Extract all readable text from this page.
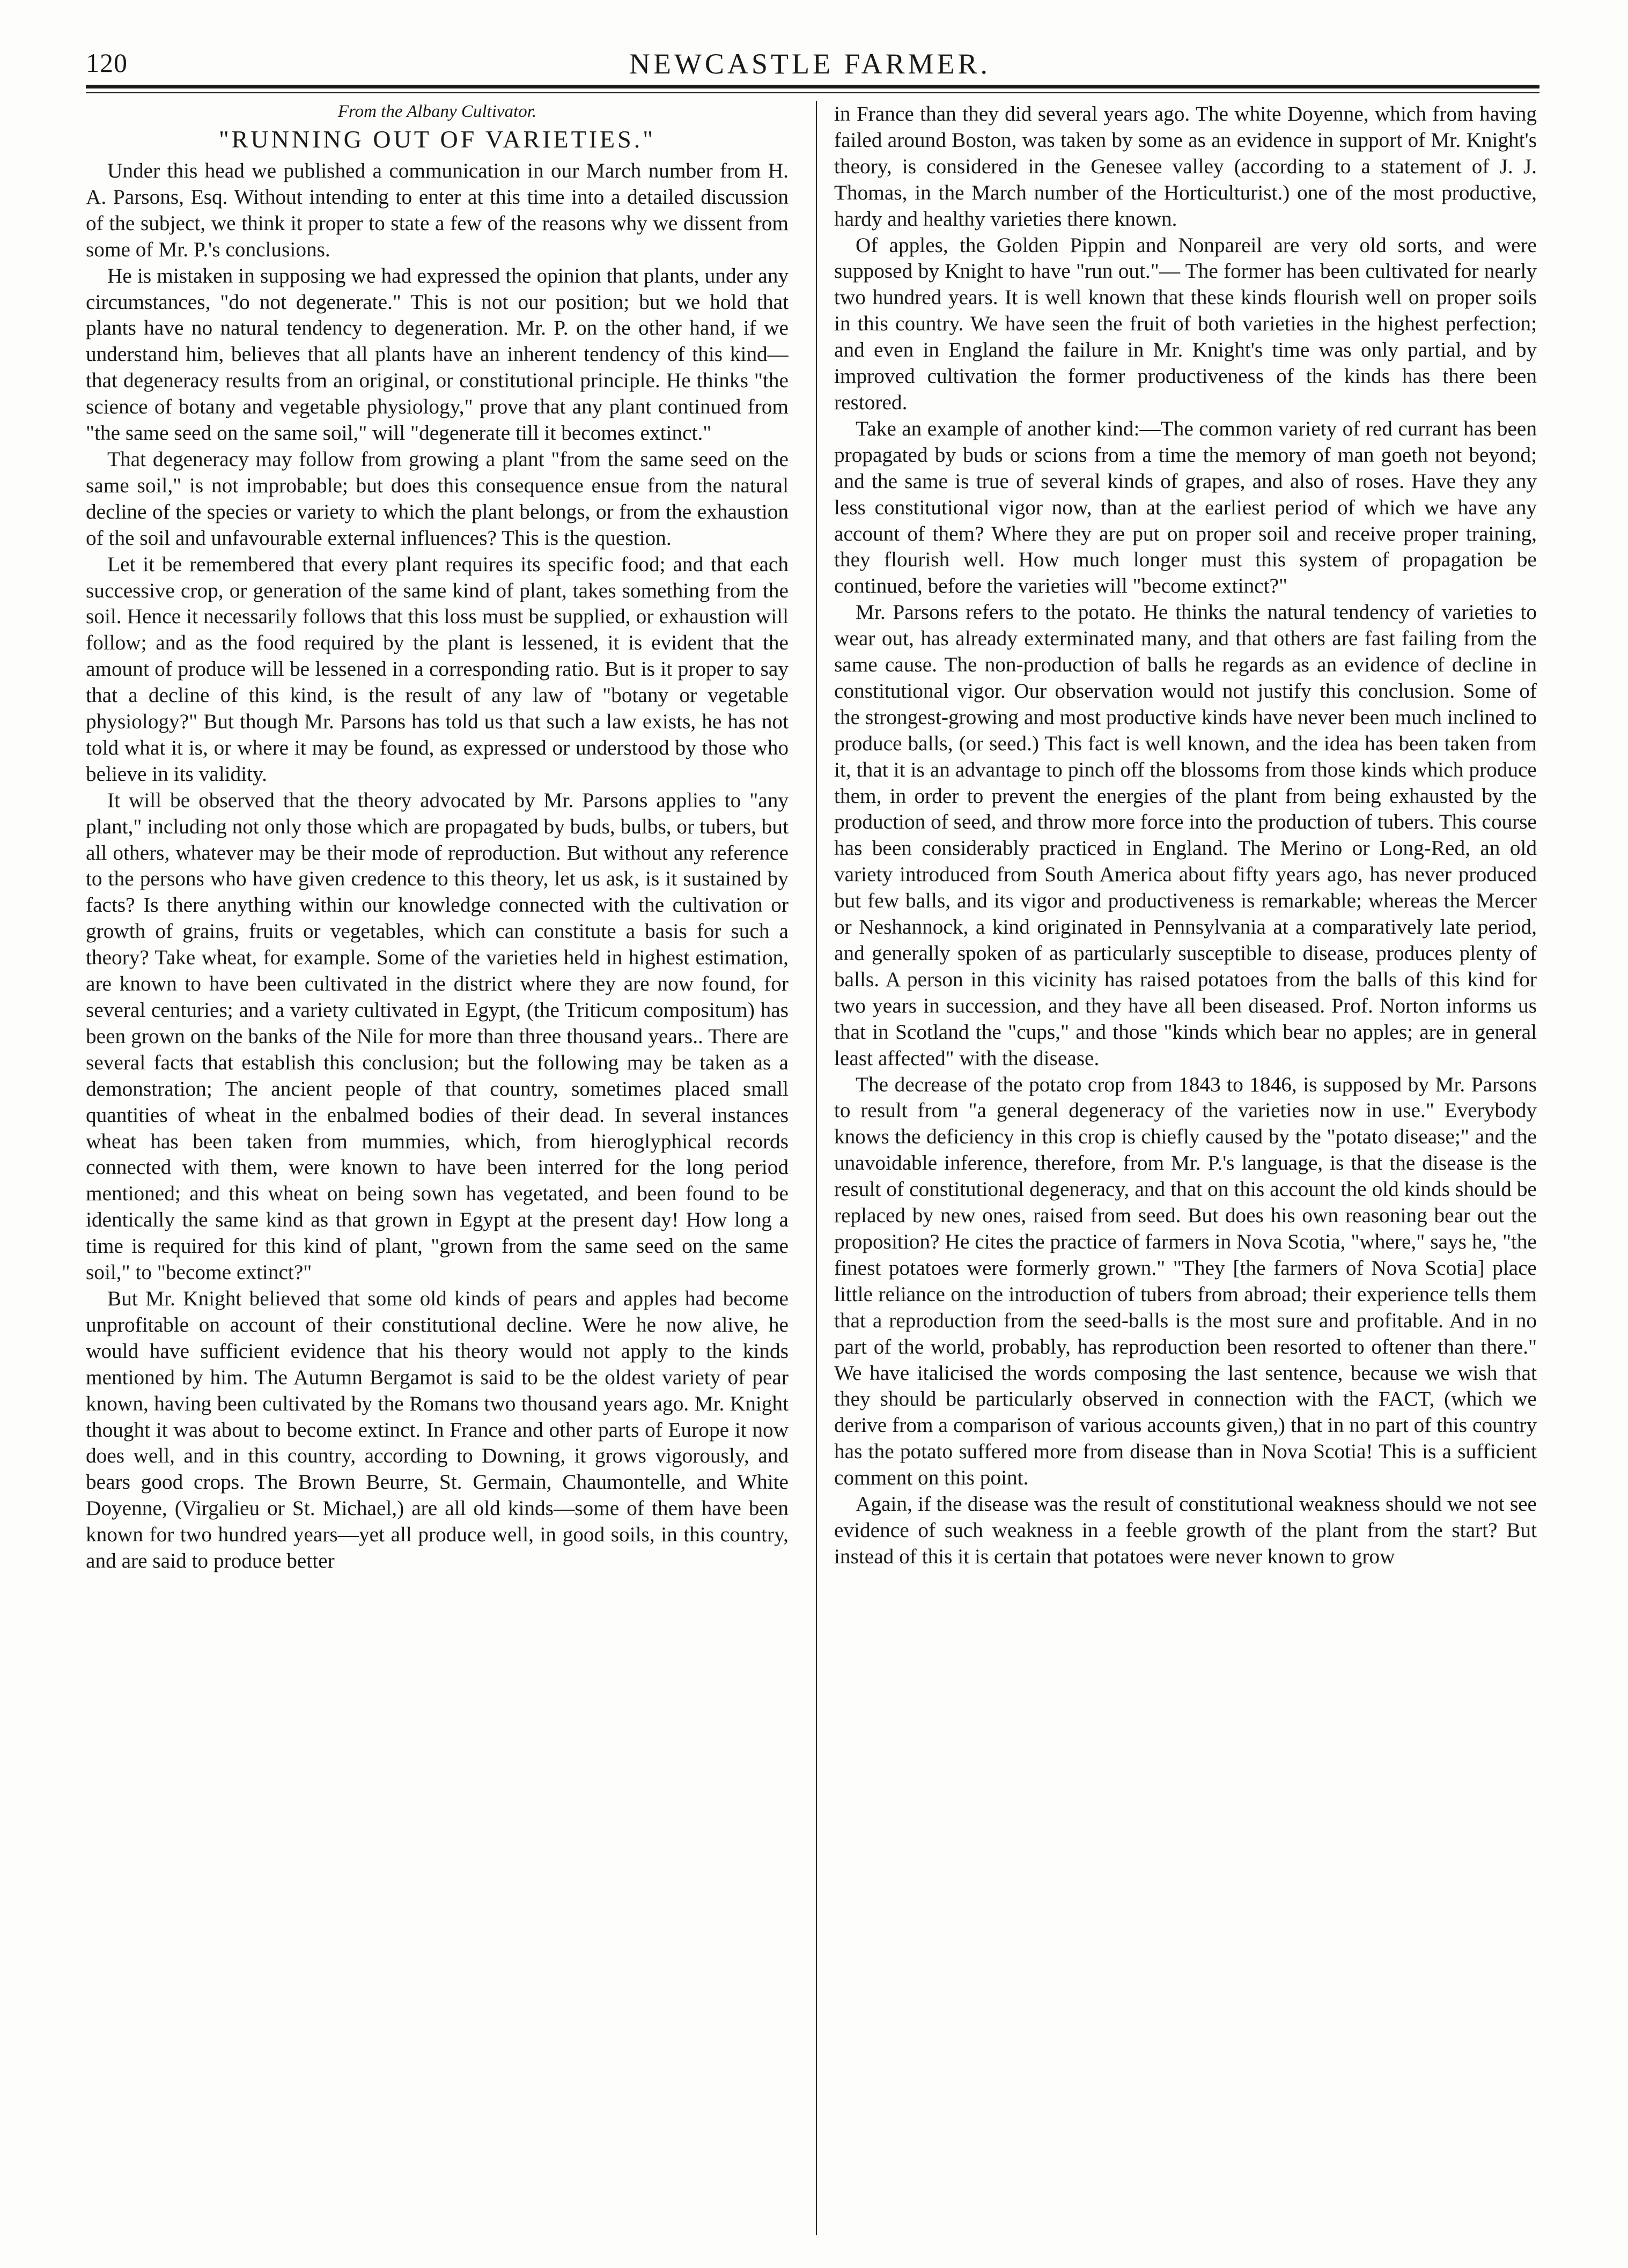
120	NEWCASTLE FARMER.
From the Albany Cultivator.
"RUNNING OUT OF VARIETIES."

Under this head we published a communication in our March number from H. A. Parsons, Esq. Without intending to enter at this time into a detailed discussion of the subject, we think it proper to state a few of the reasons why we dissent from some of Mr. P.'s conclusions.

He is mistaken in supposing we had expressed the opinion that plants, under any circumstances, "do not degenerate." This is not our position; but we hold that plants have no natural tendency to degeneration. Mr. P. on the other hand, if we understand him, believes that all plants have an inherent tendency of this kind—that degeneracy results from an original, or constitutional principle. He thinks "the science of botany and vegetable physiology," prove that any plant continued from "the same seed on the same soil," will "degenerate till it becomes extinct."

That degeneracy may follow from growing a plant "from the same seed on the same soil," is not improbable; but does this consequence ensue from the natural decline of the species or variety to which the plant belongs, or from the exhaustion of the soil and unfavourable external influences? This is the question.

Let it be remembered that every plant requires its specific food; and that each successive crop, or generation of the same kind of plant, takes something from the soil. Hence it necessarily follows that this loss must be supplied, or exhaustion will follow; and as the food required by the plant is lessened, it is evident that the amount of produce will be lessened in a corresponding ratio. But is it proper to say that a decline of this kind, is the result of any law of "botany or vegetable physiology?" But though Mr. Parsons has told us that such a law exists, he has not told what it is, or where it may be found, as expressed or understood by those who believe in its validity.

It will be observed that the theory advocated by Mr. Parsons applies to "any plant," including not only those which are propagated by buds, bulbs, or tubers, but all others, whatever may be their mode of reproduction. But without any reference to the persons who have given credence to this theory, let us ask, is it sustained by facts? Is there anything within our knowledge connected with the cultivation or growth of grains, fruits or vegetables, which can constitute a basis for such a theory? Take wheat, for example. Some of the varieties held in highest estimation, are known to have been cultivated in the district where they are now found, for several centuries; and a variety cultivated in Egypt, (the Triticum compositum) has been grown on the banks of the Nile for more than three thousand years.. There are several facts that establish this conclusion; but the following may be taken as a demonstration; The ancient people of that country, sometimes placed small quantities of wheat in the enbalmed bodies of their dead. In several instances wheat has been taken from mummies, which, from hieroglyphical records connected with them, were known to have been interred for the long period mentioned; and this wheat on being sown has vegetated, and been found to be identically the same kind as that grown in Egypt at the present day! How long a time is required for this kind of plant, "grown from the same seed on the same soil," to "become extinct?"

But Mr. Knight believed that some old kinds of pears and apples had become unprofitable on account of their constitutional decline. Were he now alive, he would have sufficient evidence that his theory would not apply to the kinds mentioned by him. The Autumn Bergamot is said to be the oldest variety of pear known, having been cultivated by the Romans two thousand years ago. Mr. Knight thought it was about to become extinct. In France and other parts of Europe it now does well, and in this country, according to Downing, it grows vigorously, and bears good crops. The Brown Beurre, St. Germain, Chaumontelle, and White Doyenne, (Virgalieu or St. Michael,) are all old kinds—some of them have been known for two hundred years—yet all produce well, in good soils, in this country, and are said to produce better

in France than they did several years ago. The white Doyenne, which from having failed around Boston, was taken by some as an evidence in support of Mr. Knight's theory, is considered in the Genesee valley (according to a statement of J. J. Thomas, in the March number of the Horticulturist.) one of the most productive, hardy and healthy varieties there known.

Of apples, the Golden Pippin and Nonpareil are very old sorts, and were supposed by Knight to have "run out."— The former has been cultivated for nearly two hundred years. It is well known that these kinds flourish well on proper soils in this country. We have seen the fruit of both varieties in the highest perfection; and even in England the failure in Mr. Knight's time was only partial, and by improved cultivation the former productiveness of the kinds has there been restored.

Take an example of another kind:—The common variety of red currant has been propagated by buds or scions from a time the memory of man goeth not beyond; and the same is true of several kinds of grapes, and also of roses. Have they any less constitutional vigor now, than at the earliest period of which we have any account of them? Where they are put on proper soil and receive proper training, they flourish well. How much longer must this system of propagation be continued, before the varieties will "become extinct?"

Mr. Parsons refers to the potato. He thinks the natural tendency of varieties to wear out, has already exterminated many, and that others are fast failing from the same cause. The non-production of balls he regards as an evidence of decline in constitutional vigor. Our observation would not justify this conclusion. Some of the strongest-growing and most productive kinds have never been much inclined to produce balls, (or seed.) This fact is well known, and the idea has been taken from it, that it is an advantage to pinch off the blossoms from those kinds which produce them, in order to prevent the energies of the plant from being exhausted by the production of seed, and throw more force into the production of tubers. This course has been considerably practiced in England. The Merino or Long-Red, an old variety introduced from South America about fifty years ago, has never produced but few balls, and its vigor and productiveness is remarkable; whereas the Mercer or Neshannock, a kind originated in Pennsylvania at a comparatively late period, and generally spoken of as particularly susceptible to disease, produces plenty of balls. A person in this vicinity has raised potatoes from the balls of this kind for two years in succession, and they have all been diseased. Prof. Norton informs us that in Scotland the "cups," and those "kinds which bear no apples; are in general least affected" with the disease.

The decrease of the potato crop from 1843 to 1846, is supposed by Mr. Parsons to result from "a general degeneracy of the varieties now in use." Everybody knows the deficiency in this crop is chiefly caused by the "potato disease;" and the unavoidable inference, therefore, from Mr. P.'s language, is that the disease is the result of constitutional degeneracy, and that on this account the old kinds should be replaced by new ones, raised from seed. But does his own reasoning bear out the proposition? He cites the practice of farmers in Nova Scotia, "where," says he, "the finest potatoes were formerly grown." "They [the farmers of Nova Scotia] place little reliance on the introduction of tubers from abroad; their experience tells them that a reproduction from the seed-balls is the most sure and profitable. And in no part of the world, probably, has reproduction been resorted to oftener than there." We have italicised the words composing the last sentence, because we wish that they should be particularly observed in connection with the FACT, (which we derive from a comparison of various accounts given,) that in no part of this country has the potato suffered more from disease than in Nova Scotia! This is a sufficient comment on this point.

Again, if the disease was the result of constitutional weakness should we not see evidence of such weakness in a feeble growth of the plant from the start? But instead of this it is certain that potatoes were never known to grow
